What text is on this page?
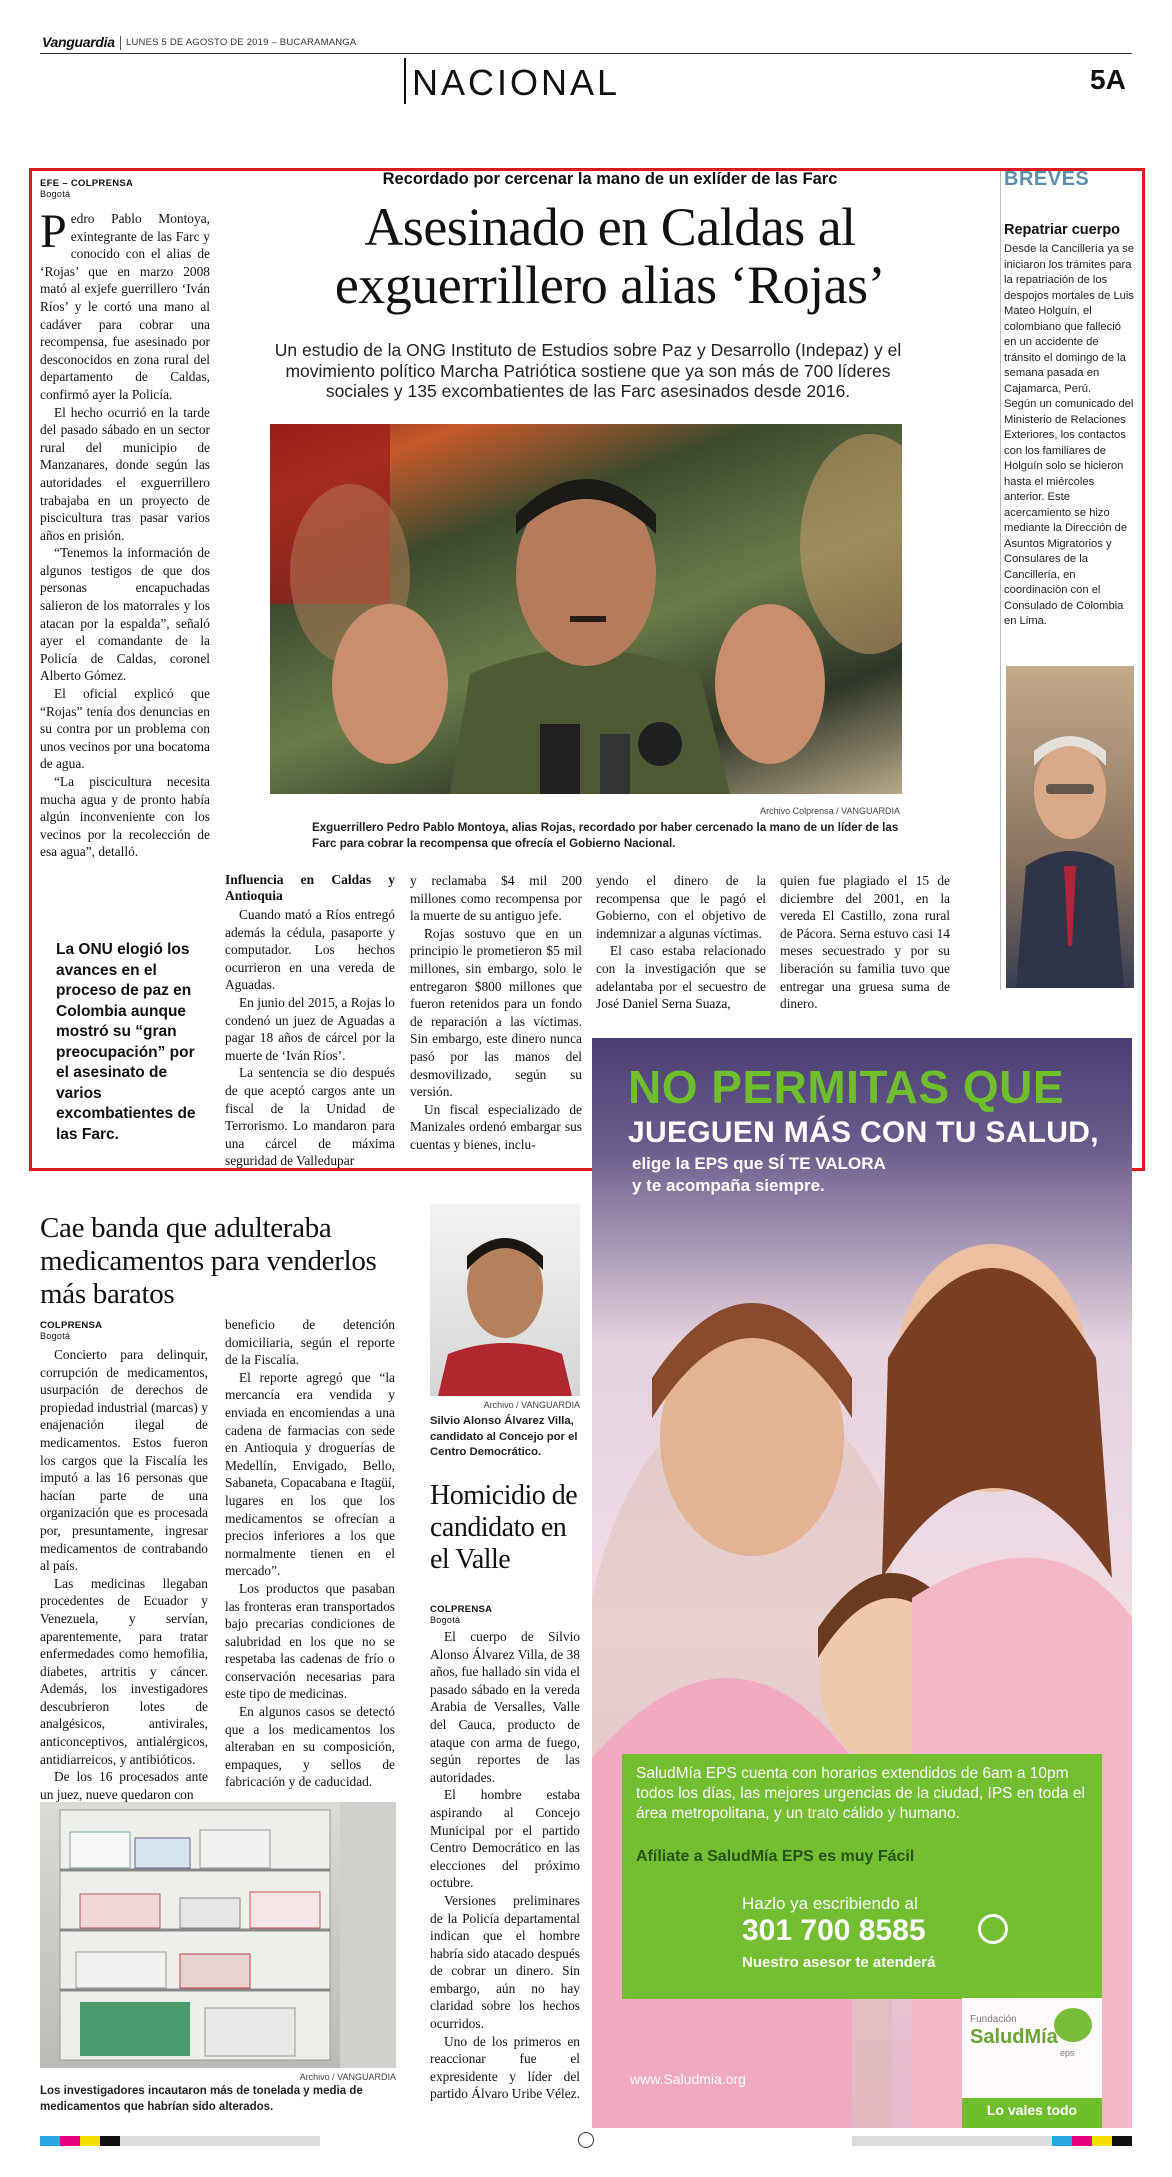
Vanguardia LUNES 5 DE AGOSTO DE 2019 – BUCARAMANGA
NACIONAL	5A
EFE – COLPRENSA
Bogotá
P edro Pablo Montoya, exintegrante de las Farc y conocido con el alias de ‘Rojas’ que en marzo 2008 mató al exjefe guerrillero ‘Iván Ríos’ y le cortó una mano al cadáver para cobrar una recompensa, fue asesinado por desconocidos en zona rural del departamento de Caldas, confirmó ayer la Policía.

El hecho ocurrió en la tarde del pasado sábado en un sector rural del municipio de Manzanares, donde según las autoridades el exguerrillero trabajaba en un proyecto de piscicultura tras pasar varios años en prisión.

“Tenemos la información de algunos testigos de que dos personas encapuchadas salieron de los matorrales y los atacan por la espalda”, señaló ayer el comandante de la Policía de Caldas, coronel Alberto Gómez.

El oficial explicó que “Rojas” tenía dos denuncias en su contra por un problema con unos vecinos por una bocatoma de agua.

“La piscicultura necesita mucha agua y de pronto había algún inconveniente con los vecinos por la recolección de esa agua”, detalló.

Recordado por cercenar la mano de un exlíder de las Farc
Asesinado en Caldas al
exguerrillero alias ‘Rojas’
Un estudio de la ONG Instituto de Estudios sobre Paz y Desarrollo (Indepaz) y el movimiento político Marcha Patriótica sostiene que ya son más de 700 líderes sociales y 135 excombatientes de las Farc asesinados desde 2016.
Archivo Colprensa / VANGUARDIA
Exguerrillero Pedro Pablo Montoya, alias Rojas, recordado por haber cercenado la mano de un líder de las Farc para cobrar la recompensa que ofrecía el Gobierno Nacional.
La ONU elogió los avances en el proceso de paz en Colombia aunque mostró su “gran preocupación” por el asesinato de varios excombatientes de las Farc.
Influencia en Caldas y Antioquia

Cuando mató a Ríos entregó además la cédula, pasaporte y computador. Los hechos ocurrieron en una vereda de Aguadas.

En junio del 2015, a Rojas lo condenó un juez de Aguadas a pagar 18 años de cárcel por la muerte de ‘Iván Ríos’.

La sentencia se dio después de que aceptó cargos ante un fiscal de la Unidad de Terrorismo. Lo mandaron para una cárcel de máxima seguridad de Valledupar

y reclamaba $4 mil 200 millones como recompensa por la muerte de su antiguo jefe.

Rojas sostuvo que en un principio le prometieron $5 mil millones, sin embargo, solo le entregaron $800 millones que fueron retenidos para un fondo de reparación a las víctimas. Sin embargo, este dinero nunca pasó por las manos del desmovilizado, según su versión.

Un fiscal especializado de Manizales ordenó embargar sus cuentas y bienes, inclu-

yendo el dinero de la recompensa que le pagó el Gobierno, con el objetivo de indemnizar a algunas víctimas.

El caso estaba relacionado con la investigación que se adelantaba por el secuestro de José Daniel Serna Suaza,

quien fue plagiado el 15 de diciembre del 2001, en la vereda El Castillo, zona rural de Pácora. Serna estuvo casi 14 meses secuestrado y por su liberación su familia tuvo que entregar una gruesa suma de dinero.

BREVES
Repatriar cuerpo
Desde la Cancillería ya se iniciaron los trámites para la repatriación de los despojos mortales de Luis Mateo Holguín, el colombiano que falleció en un accidente de tránsito el domingo de la semana pasada en Cajamarca, Perú.
Según un comunicado del Ministerio de Relaciones Exteriores, los contactos con los familiares de Holguín solo se hicieron hasta el miércoles anterior. Este acercamiento se hizo mediante la Dirección de Asuntos Migratorios y Consulares de la Cancillería, en coordinación con el Consulado de Colombia en Lima.
Cae banda que adulteraba medicamentos para venderlos más baratos
COLPRENSA
Bogotá

Concierto para delinquir, corrupción de medicamentos, usurpación de derechos de propiedad industrial (marcas) y enajenación ilegal de medicamentos. Estos fueron los cargos que la Fiscalía les imputó a las 16 personas que hacían parte de una organización que es procesada por, presuntamente, ingresar medicamentos de contrabando al país.

Las medicinas llegaban procedentes de Ecuador y Venezuela, y servían, aparentemente, para tratar enfermedades como hemofilia, diabetes, artritis y cáncer. Además, los investigadores descubrieron lotes de analgésicos, antivirales, anticonceptivos, antialérgicos, antidiarreicos, y antibióticos.

De los 16 procesados ante un juez, nueve quedaron con

beneficio de detención domiciliaria, según el reporte de la Fiscalía.

El reporte agregó que “la mercancía era vendida y enviada en encomiendas a una cadena de farmacias con sede en Antioquia y droguerías de Medellín, Envigado, Bello, Sabaneta, Copacabana e Itagüí, lugares en los que los medicamentos se ofrecían a precios inferiores a los que normalmente tienen en el mercado”.

Los productos que pasaban las fronteras eran transportados bajo precarias condiciones de salubridad en los que no se respetaba las cadenas de frío o conservación necesarias para este tipo de medicinas.

En algunos casos se detectó que a los medicamentos los alteraban en su composición, empaques, y sellos de fabricación y de caducidad.

Archivo / VANGUARDIA
Los investigadores incautaron más de tonelada y media de medicamentos que habrían sido alterados.
Archivo / VANGUARDIA
Silvio Alonso Álvarez Villa, candidato al Concejo por el Centro Democrático.
Homicidio de candidato en el Valle
COLPRENSA
Bogotá

El cuerpo de Silvio Alonso Álvarez Villa, de 38 años, fue hallado sin vida el pasado sábado en la vereda Arabia de Versalles, Valle del Cauca, producto de ataque con arma de fuego, según reportes de las autoridades.

El hombre estaba aspirando al Concejo Municipal por el partido Centro Democrático en las elecciones del próximo octubre.

Versiones preliminares de la Policía departamental indican que el hombre habría sido atacado después de cobrar un dinero. Sin embargo, aún no hay claridad sobre los hechos ocurridos.

Uno de los primeros en reaccionar fue el expresidente y líder del partido Álvaro Uribe Vélez.

NO PERMITAS QUE
JUEGUEN MÁS CON TU SALUD,
elige la EPS que SÍ TE VALORA
y te acompaña siempre.
SaludMía EPS cuenta con horarios extendidos de 6am a 10pm todos los días, las mejores urgencias de la ciudad, IPS en toda el área metropolitana, y un trato cálido y humano.
Afíliate a SaludMía EPS es muy Fácil
Hazlo ya escribiendo al
301 700 8585
Nuestro asesor te atenderá
www.Saludmia.org
Fundación
SaludMía
eps
Lo vales todo
